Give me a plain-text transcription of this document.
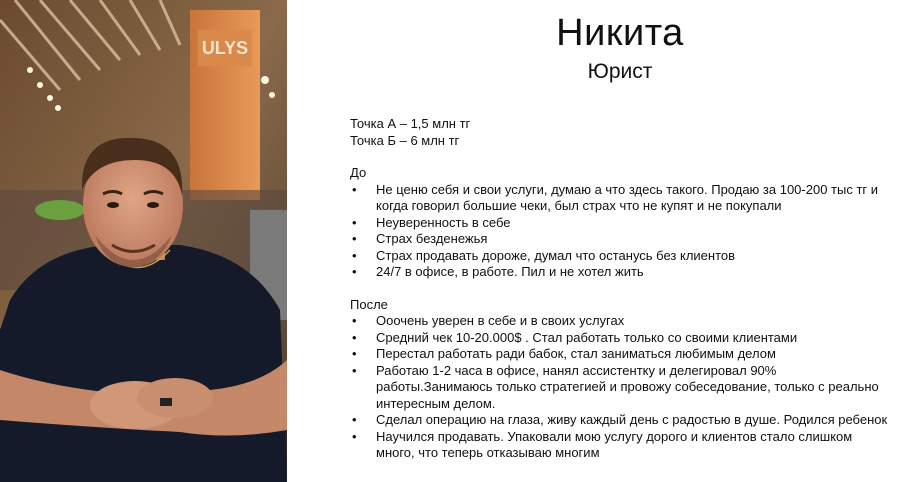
ULYS	Никита
Юрист

Точка А – 1,5 млн тг

Точка Б – 6 млн тг

До

• Не ценю себя и свои услуги, думаю а что здесь такого. Продаю за 100-200 тыс тг и когда говорил большие чеки, был страх что не купят и не покупали
• Неуверенность в себе
• Страх безденежья
• Страх продавать дороже, думал что останусь без клиентов
• 24/7 в офисе, в работе. Пил и не хотел жить

После

• Ооочень уверен в себе и в своих услугах
• Средний чек 10-20.000$ . Стал работать только со своими клиентами
• Перестал работать ради бабок, стал заниматься любимым делом
• Работаю 1-2 часа в офисе, нанял ассистентку и делегировал 90% работы.Занимаюсь только стратегией и провожу собеседование, только с реально интересным делом.
• Сделал операцию на глаза, живу каждый день с радостью в душе. Родился ребенок
• Научился продавать. Упаковали мою услугу дорого и клиентов стало слишком много, что теперь отказываю многим
